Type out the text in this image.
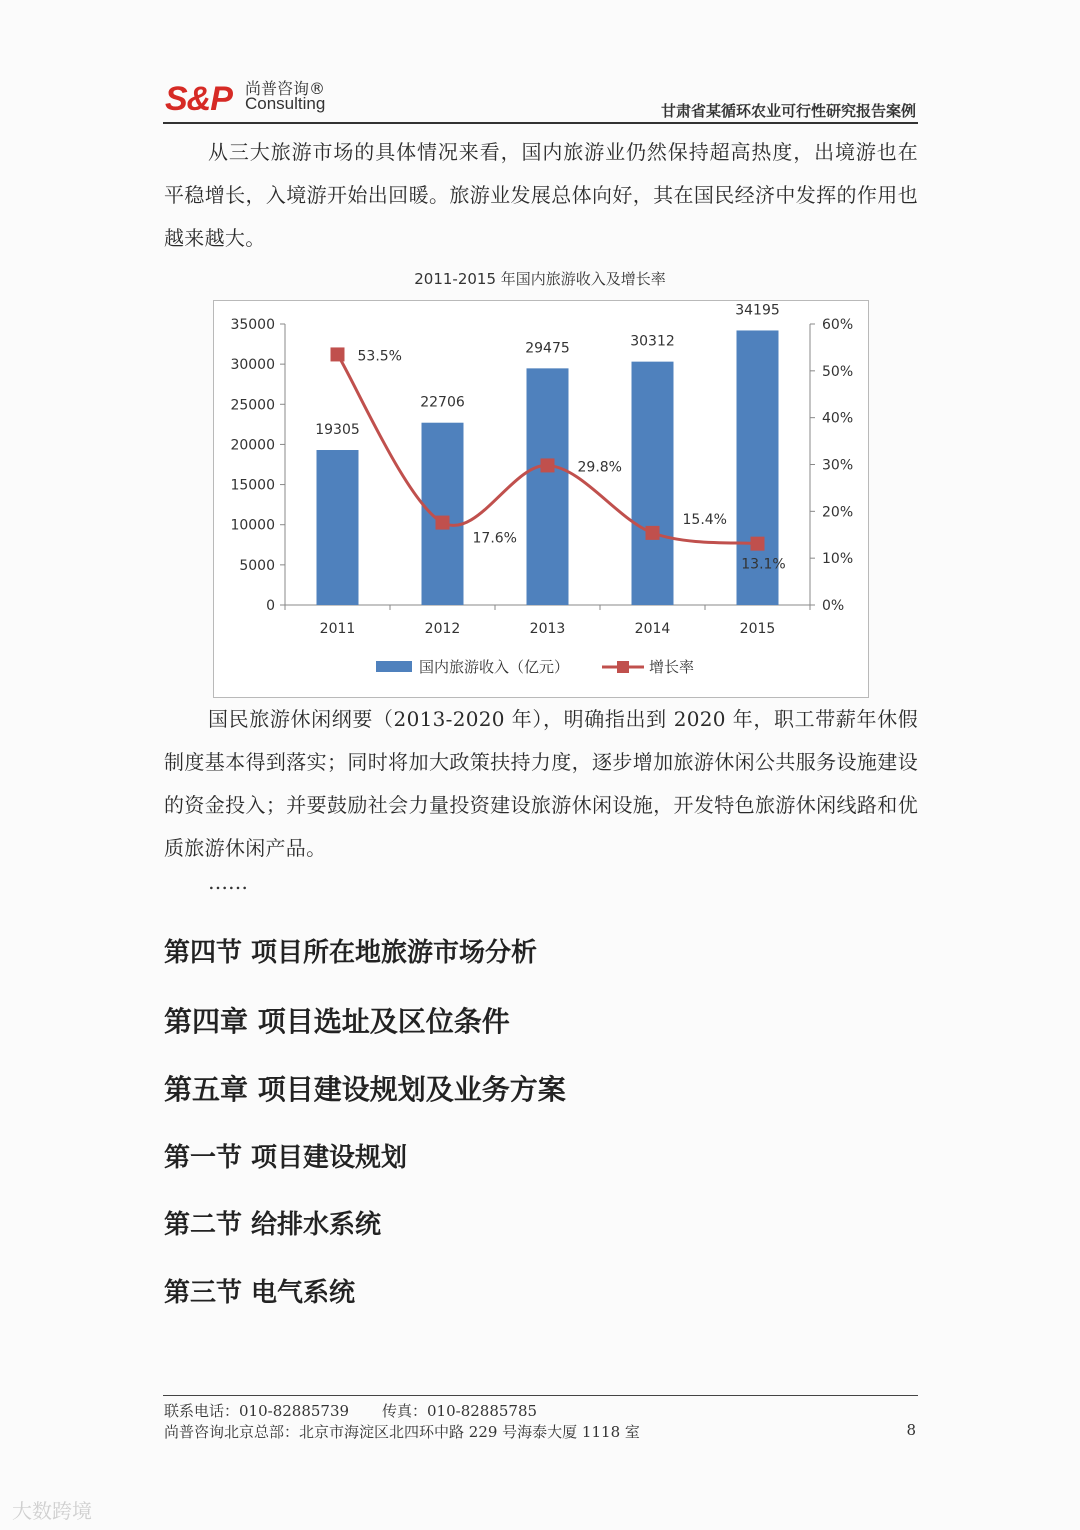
S&P 尚普咨询®
Consulting	甘肃省某循环农业可行性研究报告案例
从三大旅游市场的具体情况来看，国内旅游业仍然保持超高热度，出境游也在平稳增长，入境游开始出回暖。旅游业发展总体向好，其在国民经济中发挥的作用也越来越大。
2011-2015 年国内旅游收入及增长率
0
5000
10000
15000
20000
25000
30000
35000
0%
10%
20%
30%
40%
50%
60%
2011	2012	2013	2014	2015
19305
22706
29475	30312
34195
53.5%
17.6%
29.8%
15.4%
13.1%
国内旅游收入（亿元）	增长率
国民旅游休闲纲要（2013-2020 年），明确指出到 2020 年，职工带薪年休假制度基本得到落实；同时将加大政策扶持力度，逐步增加旅游休闲公共服务设施建设的资金投入；并要鼓励社会力量投资建设旅游休闲设施，开发特色旅游休闲线路和优质旅游休闲产品。
……
第四节 项目所在地旅游市场分析
第四章 项目选址及区位条件
第五章 项目建设规划及业务方案
第一节 项目建设规划
第二节 给排水系统
第三节 电气系统
联系电话：010-82885739 传真：010-82885785
尚普咨询北京总部：北京市海淀区北四环中路 229 号海泰大厦 1118 室	8
大数跨境
